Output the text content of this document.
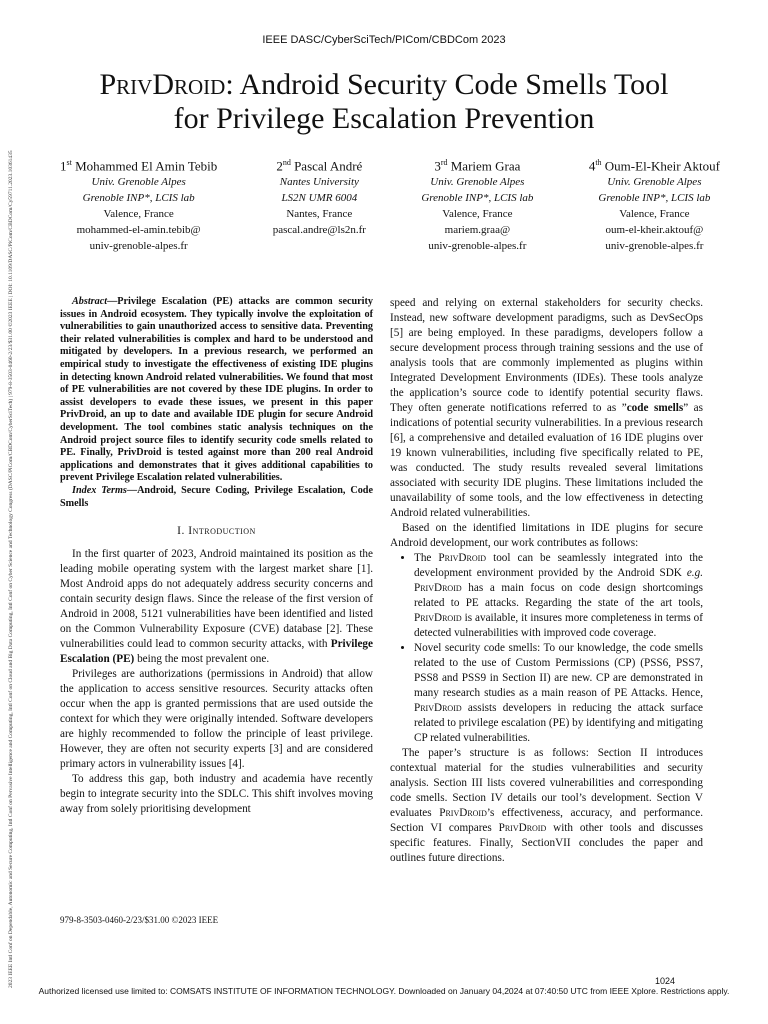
2023 IEEE Intl Conf on Dependable, Autonomic and Secure Computing, Intl Conf on Pervasive Intelligence and Computing, Intl Conf on Cloud and Big Data Computing, Intl Conf on Cyber Science and Technology Congress (DASC/PiCom/CBDCom/CyberSciTech) | 979-8-3503-0460-2/23/$31.00 ©2023 IEEE | DOI: 10.1109/DASC/PiCom/CBDCom/Cy59711.2023.10361435
IEEE DASC/CyberSciTech/PICom/CBDCom 2023
PrivDroid: Android Security Code Smells Tool
for Privilege Escalation Prevention
1st Mohammed El Amin Tebib
Univ. Grenoble Alpes
Grenoble INP*, LCIS lab
Valence, France
mohammed-el-amin.tebib@
univ-grenoble-alpes.fr
2nd Pascal André
Nantes University
LS2N UMR 6004
Nantes, France
pascal.andre@ls2n.fr
3rd Mariem Graa
Univ. Grenoble Alpes
Grenoble INP*, LCIS lab
Valence, France
mariem.graa@
univ-grenoble-alpes.fr
4th Oum-El-Kheir Aktouf
Univ. Grenoble Alpes
Grenoble INP*, LCIS lab
Valence, France
oum-el-kheir.aktouf@
univ-grenoble-alpes.fr

Abstract—Privilege Escalation (PE) attacks are common security issues in Android ecosystem. They typically involve the exploitation of vulnerabilities to gain unauthorized access to sensitive data. Preventing their related vulnerabilities is complex and hard to be understood and mitigated by developers. In a previous research, we performed an empirical study to investigate the effectiveness of existing IDE plugins in detecting known Android related vulnerabilities. We found that most of PE vulnerabilities are not covered by these IDE plugins. In order to assist developers to evade these issues, we present in this paper PrivDroid, an up to date and available IDE plugin for secure Android development. The tool combines static analysis techniques on the Android project source files to identify security code smells related to PE. Finally, PrivDroid is tested against more than 200 real Android applications and demonstrates that it gives additional capabilities to prevent Privilege Escalation related vulnerabilities.

Index Terms—Android, Secure Coding, Privilege Escalation, Code Smells

I. Introduction

In the first quarter of 2023, Android maintained its position as the leading mobile operating system with the largest market share [1]. Most Android apps do not adequately address security concerns and contain security design flaws. Since the release of the first version of Android in 2008, 5121 vulnerabilities have been identified and listed on the Common Vulnerability Exposure (CVE) database [2]. These vulnerabilities could lead to common security attacks, with Privilege Escalation (PE) being the most prevalent one.

Privileges are authorizations (permissions in Android) that allow the application to access sensitive resources. Security attacks often occur when the app is granted permissions that are used outside the context for which they were originally intended. Software developers are highly recommended to follow the principle of least privilege. However, they are often not security experts [3] and are considered primary actors in vulnerability issues [4].

To address this gap, both industry and academia have recently begin to integrate security into the SDLC. This shift involves moving away from solely prioritising development

speed and relying on external stakeholders for security checks. Instead, new software development paradigms, such as DevSecOps [5] are being employed. In these paradigms, developers follow a secure development process through training sessions and the use of analysis tools that are commonly implemented as plugins within Integrated Development Environments (IDEs). These tools analyze the application’s source code to identify potential security flaws. They often generate notifications referred to as ”code smells” as indications of potential security vulnerabilities. In a previous research [6], a comprehensive and detailed evaluation of 16 IDE plugins over 19 known vulnerabilities, including five specifically related to PE, was conducted. The study results revealed several limitations associated with security IDE plugins. These limitations included the unavailability of some tools, and the low effectiveness in detecting Android related vulnerabilities.

Based on the identified limitations in IDE plugins for secure Android development, our work contributes as follows:

• The PrivDroid tool can be seamlessly integrated into the development environment provided by the Android SDK e.g. PrivDroid has a main focus on code design shortcomings related to PE attacks. Regarding the state of the art tools, PrivDroid is available, it insures more completeness in terms of detected vulnerabilities with improved code coverage.
• Novel security code smells: To our knowledge, the code smells related to the use of Custom Permissions (CP) (PSS6, PSS7, PSS8 and PSS9 in Section II) are new. CP are demonstrated in many research studies as a main reason of PE Attacks. Hence, PrivDroid assists developers in reducing the attack surface related to privilege escalation (PE) by identifying and mitigating CP related vulnerabilities.

The paper’s structure is as follows: Section II introduces contextual material for the studies vulnerabilities and security analysis. Section III lists covered vulnerabilities and corresponding code smells. Section IV details our tool’s development. Section V evaluates PrivDroid’s effectiveness, accuracy, and performance. Section VI compares PrivDroid with other tools and discusses specific features. Finally, SectionVII concludes the paper and outlines future directions.

979-8-3503-0460-2/23/$31.00 ©2023 IEEE
1024
Authorized licensed use limited to: COMSATS INSTITUTE OF INFORMATION TECHNOLOGY. Downloaded on January 04,2024 at 07:40:50 UTC from IEEE Xplore. Restrictions apply.
